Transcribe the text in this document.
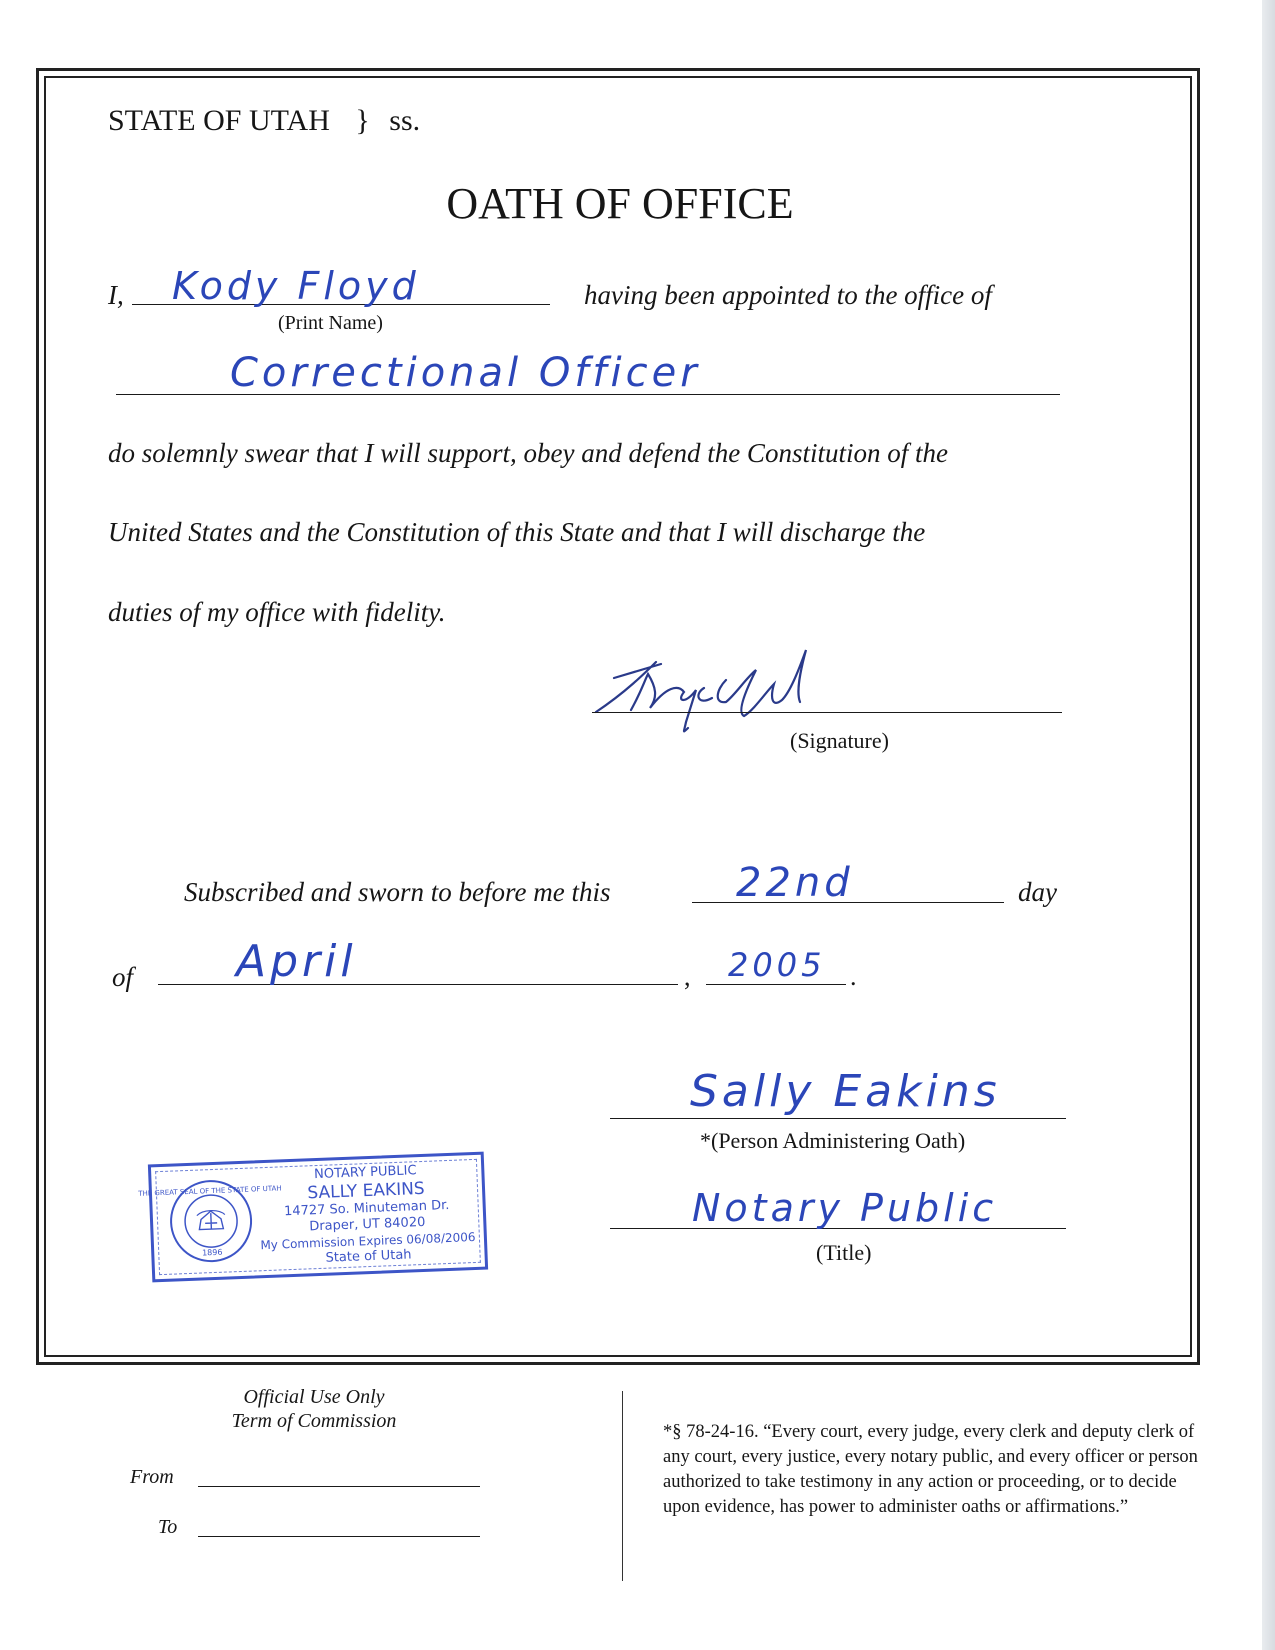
STATE OF UTAH } ss.
OATH OF OFFICE
I, Kody Floyd
(Print Name)
having been appointed to the office of
Correctional Officer
do solemnly swear that I will support, obey and defend the Constitution of the
United States and the Constitution of this State and that I will discharge the
duties of my office with fidelity.
(Signature)
Subscribed and sworn to before me this	22nd	day
of April	, 2005 .
Sally Eakins
*(Person Administering Oath)
Notary Public
(Title)
THE GREAT SEAL OF THE STATE OF UTAH
1896
NOTARY PUBLIC
SALLY EAKINS
14727 So. Minuteman Dr.
Draper, UT 84020
My Commission Expires 06/08/2006
State of Utah
Official Use Only
Term of Commission
From
To
*§ 78-24-16. “Every court, every judge, every clerk and deputy clerk of any court, every justice, every notary public, and every officer or person authorized to take testimony in any action or proceeding, or to decide upon evidence, has power to administer oaths or affirmations.”
